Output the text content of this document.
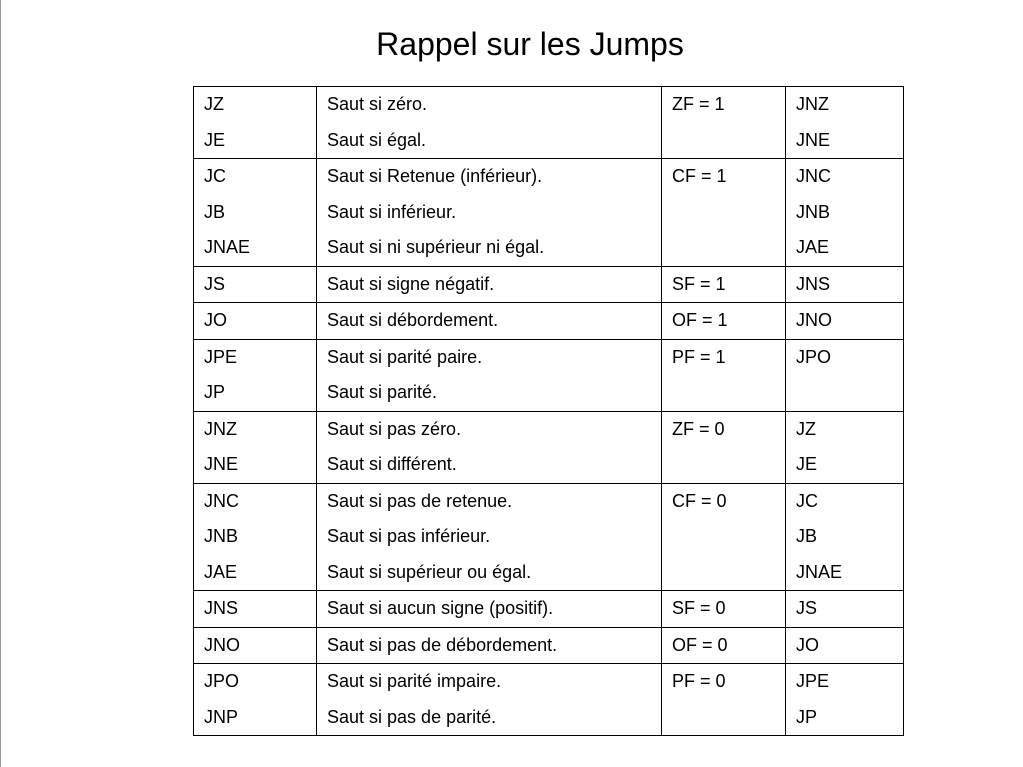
Rappel sur les Jumps
JZ	Saut si zéro.	ZF = 1	JNZ
JE	Saut si égal.		JNE
JC	Saut si Retenue (inférieur).	CF = 1	JNC
JB	Saut si inférieur.		JNB
JNAE	Saut si ni supérieur ni égal.		JAE
JS	Saut si signe négatif.	SF = 1	JNS
JO	Saut si débordement.	OF = 1	JNO
JPE	Saut si parité paire.	PF = 1	JPO
JP	Saut si parité.		
JNZ	Saut si pas zéro.	ZF = 0	JZ
JNE	Saut si différent.		JE
JNC	Saut si pas de retenue.	CF = 0	JC
JNB	Saut si pas inférieur.		JB
JAE	Saut si supérieur ou égal.		JNAE
JNS	Saut si aucun signe (positif).	SF = 0	JS
JNO	Saut si pas de débordement.	OF = 0	JO
JPO	Saut si parité impaire.	PF = 0	JPE
JNP	Saut si pas de parité.		JP
